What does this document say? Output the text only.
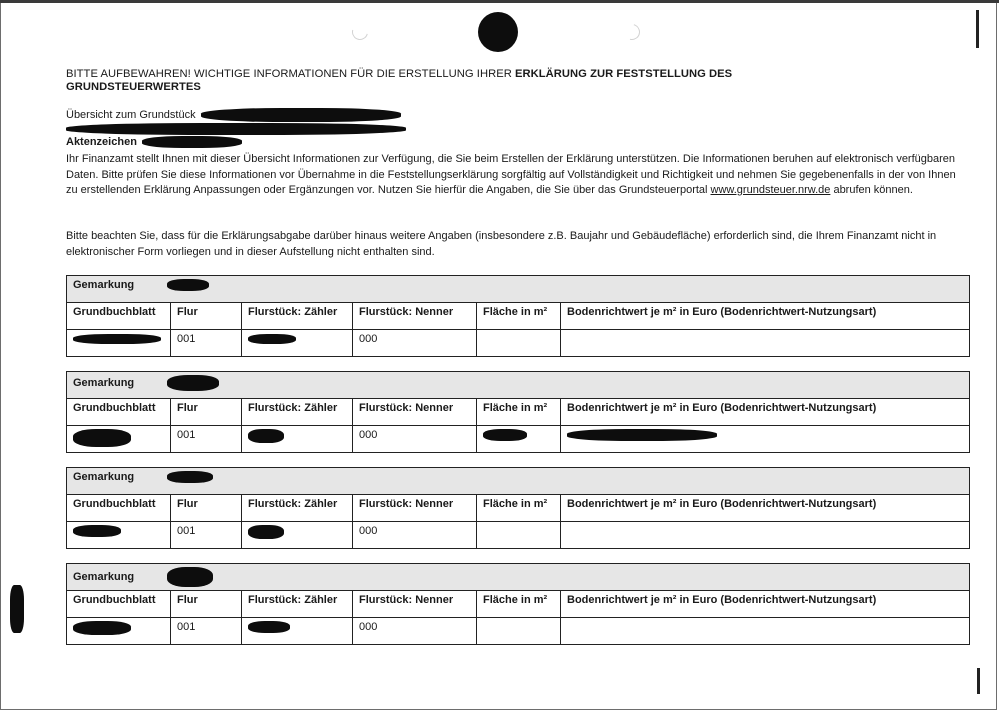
BITTE AUFBEWAHREN! WICHTIGE INFORMATIONEN FÜR DIE ERSTELLUNG IHRER ERKLÄRUNG ZUR FESTSTELLUNG DES GRUNDSTEUERWERTES
Übersicht zum Grundstück
Aktenzeichen
Ihr Finanzamt stellt Ihnen mit dieser Übersicht Informationen zur Verfügung, die Sie beim Erstellen der Erklärung unterstützen. Die Informationen beruhen auf elektronisch verfügbaren Daten. Bitte prüfen Sie diese Informationen vor Übernahme in die Feststellungserklärung sorgfältig auf Vollständigkeit und Richtigkeit und nehmen Sie gegebenenfalls in der von Ihnen zu erstellenden Erklärung Anpassungen oder Ergänzungen vor. Nutzen Sie hierfür die Angaben, die Sie über das Grundsteuerportal www.grundsteuer.nrw.de abrufen können.
Bitte beachten Sie, dass für die Erklärungsabgabe darüber hinaus weitere Angaben (insbesondere z.B. Baujahr und Gebäudefläche) erforderlich sind, die Ihrem Finanzamt nicht in elektronischer Form vorliegen und in dieser Aufstellung nicht enthalten sind.
Gemarkung					
Grundbuchblatt	Flur	Flurstück: Zähler	Flurstück: Nenner	Fläche in m²	Bodenrichtwert je m² in Euro (Bodenrichtwert-Nutzungsart)
	001		000		
Gemarkung					
Grundbuchblatt	Flur	Flurstück: Zähler	Flurstück: Nenner	Fläche in m²	Bodenrichtwert je m² in Euro (Bodenrichtwert-Nutzungsart)
	001		000		
Gemarkung					
Grundbuchblatt	Flur	Flurstück: Zähler	Flurstück: Nenner	Fläche in m²	Bodenrichtwert je m² in Euro (Bodenrichtwert-Nutzungsart)
	001		000		
Gemarkung					
Grundbuchblatt	Flur	Flurstück: Zähler	Flurstück: Nenner	Fläche in m²	Bodenrichtwert je m² in Euro (Bodenrichtwert-Nutzungsart)
	001		000		
